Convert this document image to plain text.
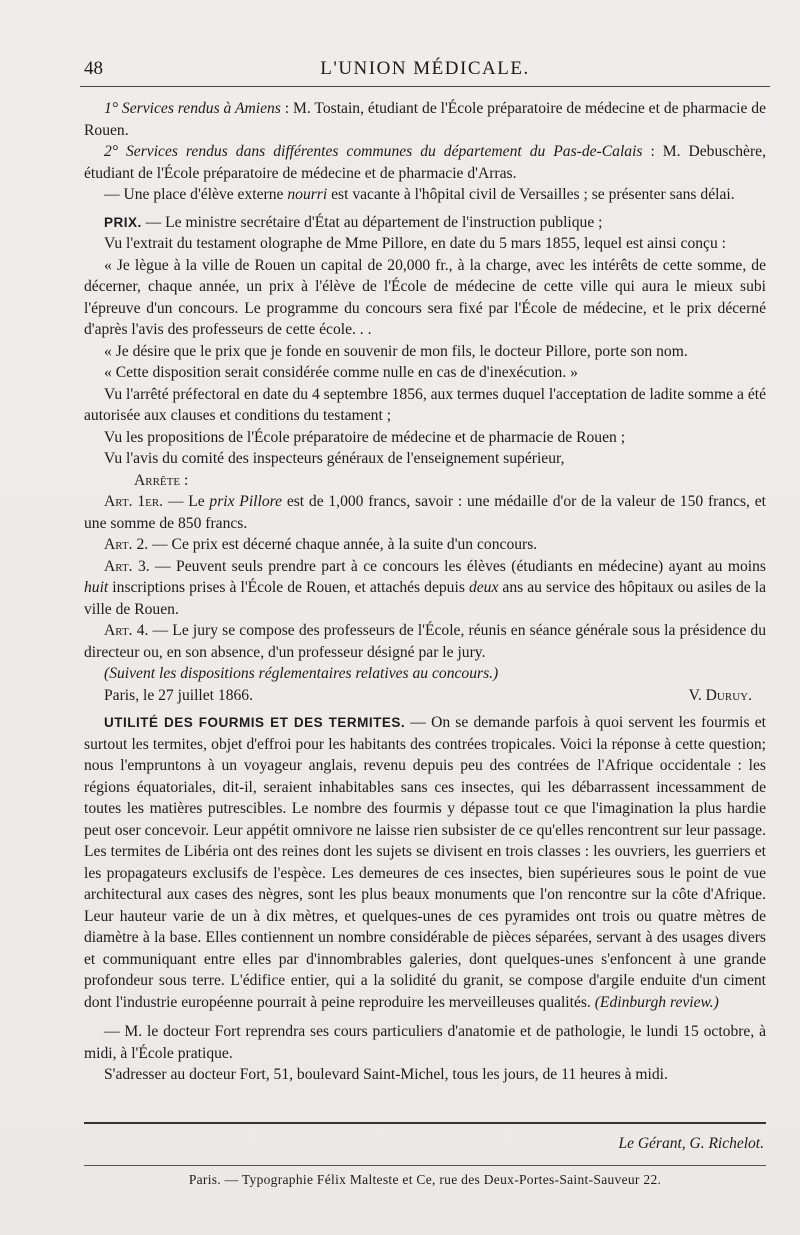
48	L'UNION MÉDICALE.

1° Services rendus à Amiens : M. Tostain, étudiant de l'École préparatoire de médecine et de pharmacie de Rouen.

2° Services rendus dans différentes communes du département du Pas-de-Calais : M. Debuschère, étudiant de l'École préparatoire de médecine et de pharmacie d'Arras.

— Une place d'élève externe nourri est vacante à l'hôpital civil de Versailles ; se présenter sans délai.

PRIX. — Le ministre secrétaire d'État au département de l'instruction publique ;

Vu l'extrait du testament olographe de Mme Pillore, en date du 5 mars 1855, lequel est ainsi conçu :

« Je lègue à la ville de Rouen un capital de 20,000 fr., à la charge, avec les intérêts de cette somme, de décerner, chaque année, un prix à l'élève de l'École de médecine de cette ville qui aura le mieux subi l'épreuve d'un concours. Le programme du concours sera fixé par l'École de médecine, et le prix décerné d'après l'avis des professeurs de cette école. . .

« Je désire que le prix que je fonde en souvenir de mon fils, le docteur Pillore, porte son nom.

« Cette disposition serait considérée comme nulle en cas de d'inexécution. »

Vu l'arrêté préfectoral en date du 4 septembre 1856, aux termes duquel l'acceptation de ladite somme a été autorisée aux clauses et conditions du testament ;

Vu les propositions de l'École préparatoire de médecine et de pharmacie de Rouen ;

Vu l'avis du comité des inspecteurs généraux de l'enseignement supérieur,

Arrête :

Art. 1er. — Le prix Pillore est de 1,000 francs, savoir : une médaille d'or de la valeur de 150 francs, et une somme de 850 francs.

Art. 2. — Ce prix est décerné chaque année, à la suite d'un concours.

Art. 3. — Peuvent seuls prendre part à ce concours les élèves (étudiants en médecine) ayant au moins huit inscriptions prises à l'École de Rouen, et attachés depuis deux ans au service des hôpitaux ou asiles de la ville de Rouen.

Art. 4. — Le jury se compose des professeurs de l'École, réunis en séance générale sous la présidence du directeur ou, en son absence, d'un professeur désigné par le jury.

(Suivent les dispositions réglementaires relatives au concours.)

Paris, le 27 juillet 1866.	V. Duruy.

UTILITÉ DES FOURMIS ET DES TERMITES. — On se demande parfois à quoi servent les fourmis et surtout les termites, objet d'effroi pour les habitants des contrées tropicales. Voici la réponse à cette question; nous l'empruntons à un voyageur anglais, revenu depuis peu des contrées de l'Afrique occidentale : les régions équatoriales, dit-il, seraient inhabitables sans ces insectes, qui les débarrassent incessamment de toutes les matières putrescibles. Le nombre des fourmis y dépasse tout ce que l'imagination la plus hardie peut oser concevoir. Leur appétit omnivore ne laisse rien subsister de ce qu'elles rencontrent sur leur passage. Les termites de Libéria ont des reines dont les sujets se divisent en trois classes : les ouvriers, les guerriers et les propagateurs exclusifs de l'espèce. Les demeures de ces insectes, bien supérieures sous le point de vue architectural aux cases des nègres, sont les plus beaux monuments que l'on rencontre sur la côte d'Afrique. Leur hauteur varie de un à dix mètres, et quelques-unes de ces pyramides ont trois ou quatre mètres de diamètre à la base. Elles contiennent un nombre considérable de pièces séparées, servant à des usages divers et communiquant entre elles par d'innombrables galeries, dont quelques-unes s'enfoncent à une grande profondeur sous terre. L'édifice entier, qui a la solidité du granit, se compose d'argile enduite d'un ciment dont l'industrie européenne pourrait à peine reproduire les merveilleuses qualités. (Edinburgh review.)

— M. le docteur Fort reprendra ses cours particuliers d'anatomie et de pathologie, le lundi 15 octobre, à midi, à l'École pratique.

S'adresser au docteur Fort, 51, boulevard Saint-Michel, tous les jours, de 11 heures à midi.

Le Gérant, G. Richelot.
Paris. — Typographie Félix Malteste et Ce, rue des Deux-Portes-Saint-Sauveur 22.
